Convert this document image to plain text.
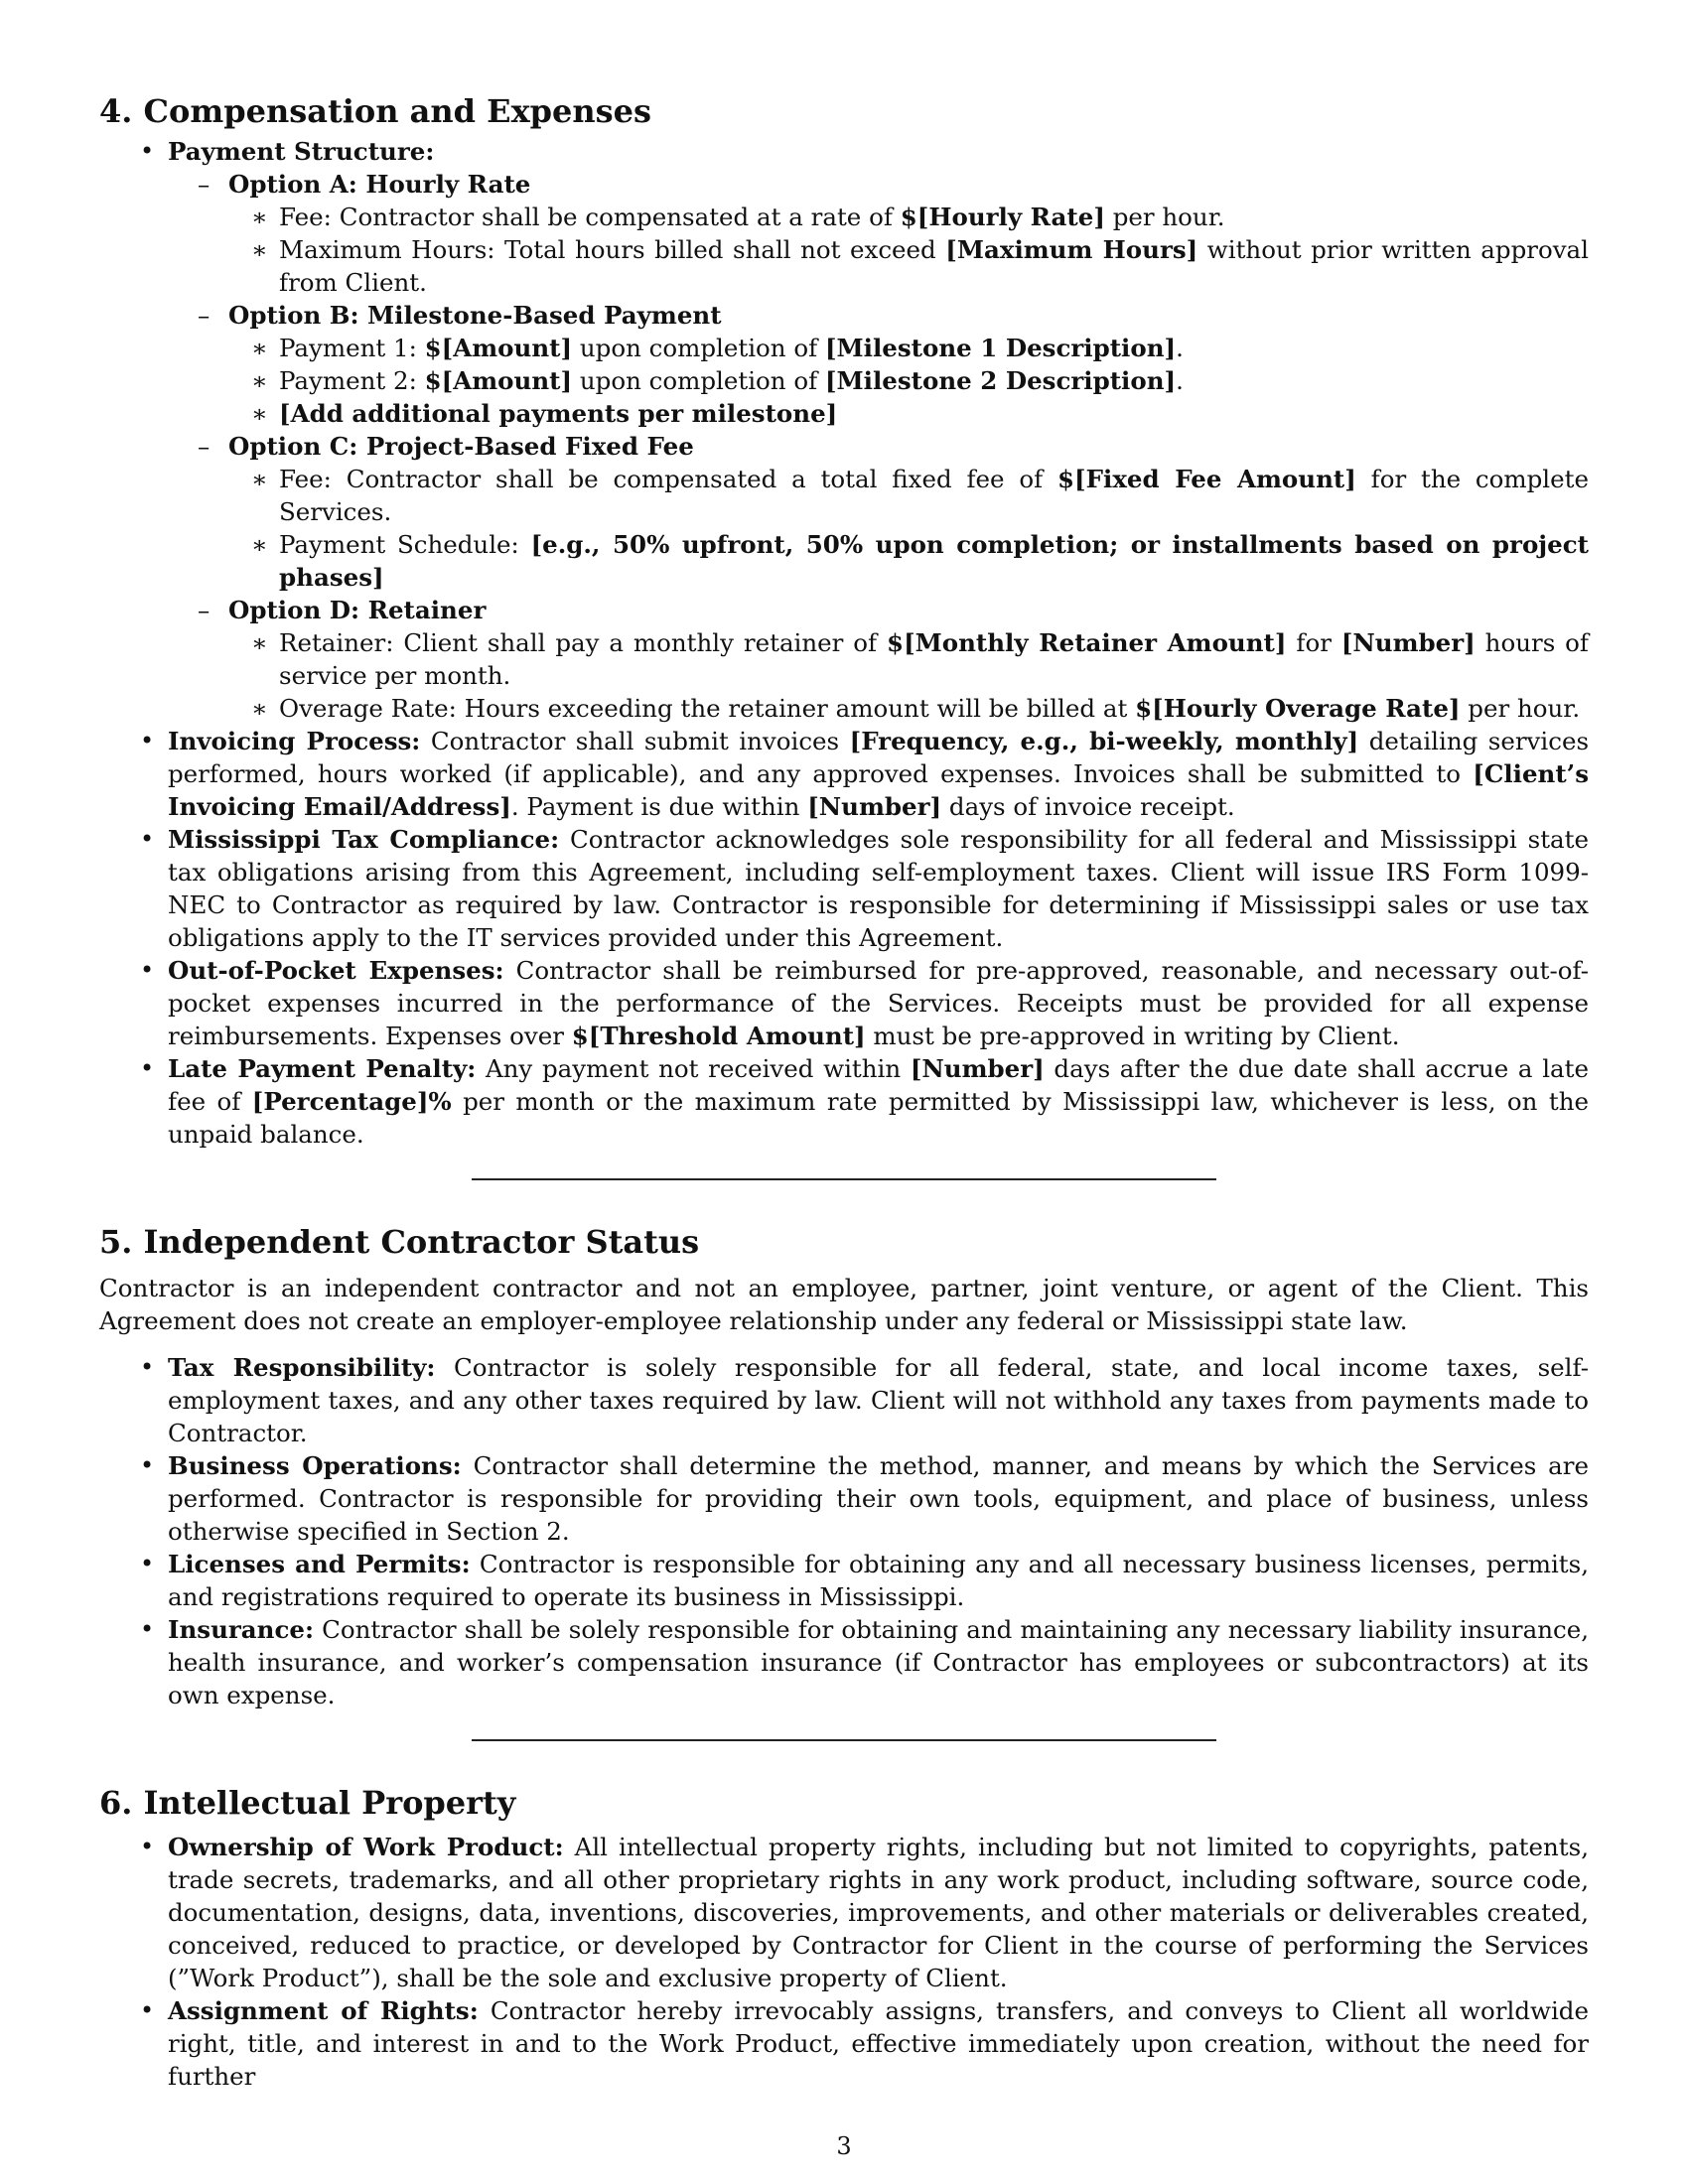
4. Compensation and Expenses
• Payment Structure:
– Option A: Hourly Rate
∗ Fee: Contractor shall be compensated at a rate of $[Hourly Rate] per hour.
∗ Maximum Hours: Total hours billed shall not exceed [Maximum Hours] without prior written approval from Client.
– Option B: Milestone-Based Payment
∗ Payment 1: $[Amount] upon completion of [Milestone 1 Description].
∗ Payment 2: $[Amount] upon completion of [Milestone 2 Description].
∗ [Add additional payments per milestone]
– Option C: Project-Based Fixed Fee
∗ Fee: Contractor shall be compensated a total fixed fee of $[Fixed Fee Amount] for the complete Services.
∗ Payment Schedule: [e.g., 50% upfront, 50% upon completion; or installments based on project phases]
– Option D: Retainer
∗ Retainer: Client shall pay a monthly retainer of $[Monthly Retainer Amount] for [Number] hours of service per month.
∗ Overage Rate: Hours exceeding the retainer amount will be billed at $[Hourly Overage Rate] per hour.
• Invoicing Process: Contractor shall submit invoices [Frequency, e.g., bi-weekly, monthly] detailing services performed, hours worked (if applicable), and any approved expenses. Invoices shall be submitted to [Client’s Invoicing Email/Address]. Payment is due within [Number] days of invoice receipt.
• Mississippi Tax Compliance: Contractor acknowledges sole responsibility for all federal and Mississippi state tax obligations arising from this Agreement, including self-employment taxes. Client will issue IRS Form 1099-NEC to Contractor as required by law. Contractor is responsible for determining if Mississippi sales or use tax obligations apply to the IT services provided under this Agreement.
• Out-of-Pocket Expenses: Contractor shall be reimbursed for pre-approved, reasonable, and necessary out-of-pocket expenses incurred in the performance of the Services. Receipts must be provided for all expense reimbursements. Expenses over $[Threshold Amount] must be pre-approved in writing by Client.
• Late Payment Penalty: Any payment not received within [Number] days after the due date shall accrue a late fee of [Percentage]% per month or the maximum rate permitted by Mississippi law, whichever is less, on the unpaid balance.
5. Independent Contractor Status

Contractor is an independent contractor and not an employee, partner, joint venture, or agent of the Client. This Agreement does not create an employer-employee relationship under any federal or Mississippi state law.

• Tax Responsibility: Contractor is solely responsible for all federal, state, and local income taxes, self-employment taxes, and any other taxes required by law. Client will not withhold any taxes from payments made to Contractor.
• Business Operations: Contractor shall determine the method, manner, and means by which the Services are performed. Contractor is responsible for providing their own tools, equipment, and place of business, unless otherwise specified in Section 2.
• Licenses and Permits: Contractor is responsible for obtaining any and all necessary business licenses, permits, and registrations required to operate its business in Mississippi.
• Insurance: Contractor shall be solely responsible for obtaining and maintaining any necessary liability insurance, health insurance, and worker’s compensation insurance (if Contractor has employees or subcontractors) at its own expense.
6. Intellectual Property
• Ownership of Work Product: All intellectual property rights, including but not limited to copyrights, patents, trade secrets, trademarks, and all other proprietary rights in any work product, including software, source code, documentation, designs, data, inventions, discoveries, improvements, and other materials or deliverables created, conceived, reduced to practice, or developed by Contractor for Client in the course of performing the Services (”Work Product”), shall be the sole and exclusive property of Client.
• Assignment of Rights: Contractor hereby irrevocably assigns, transfers, and conveys to Client all worldwide right, title, and interest in and to the Work Product, effective immediately upon creation, without the need for further
3
